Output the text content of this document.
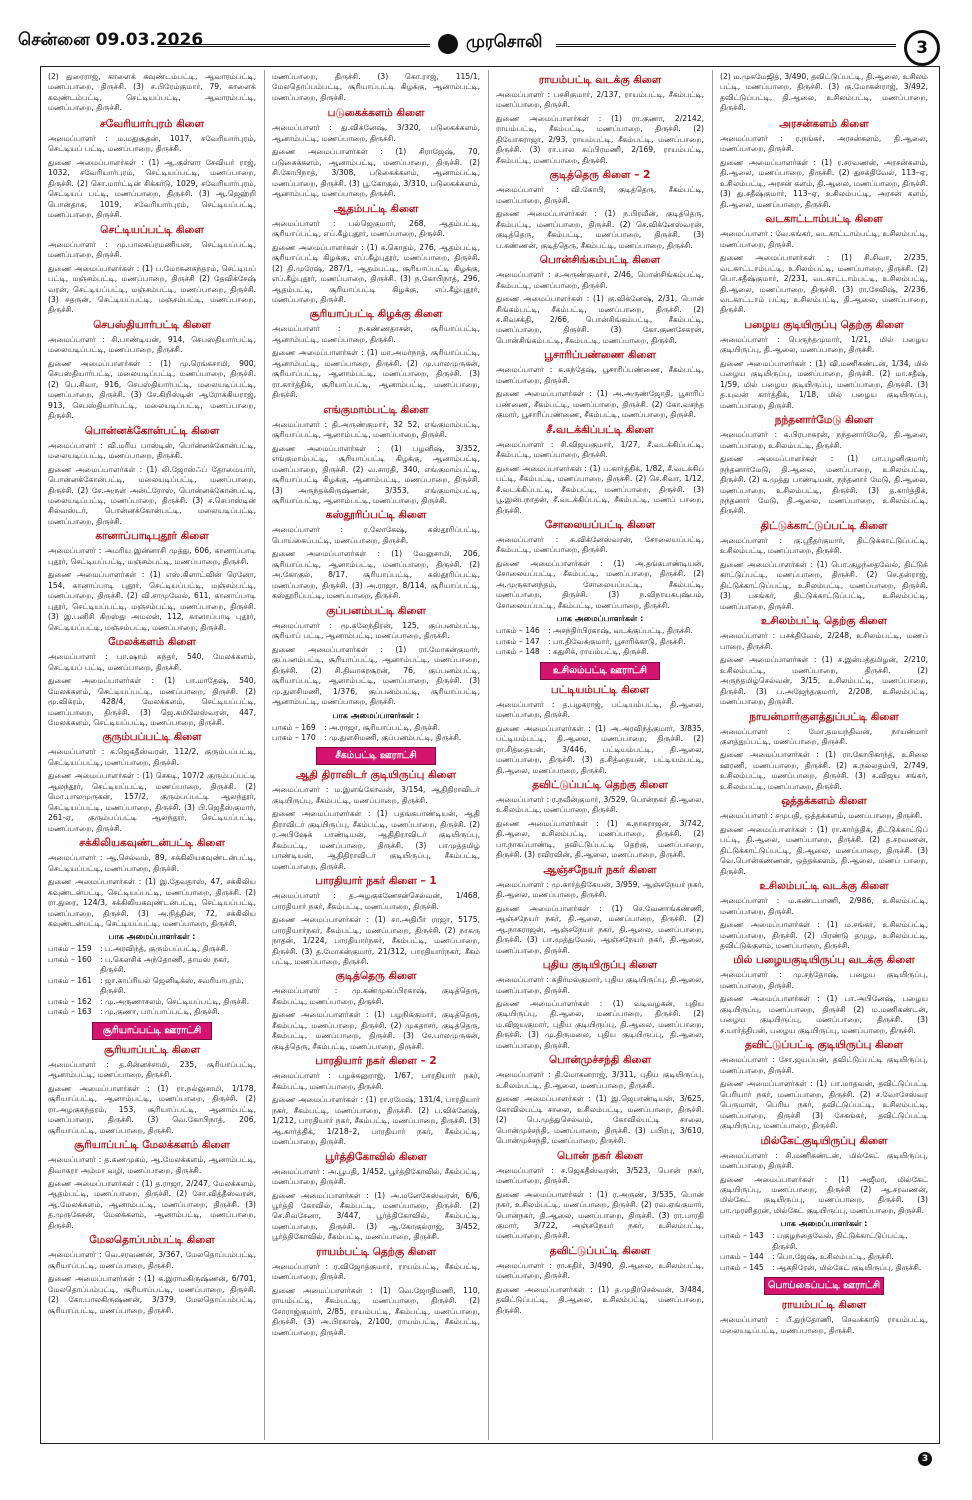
சென்னை 09.03.2026	முரசொலி	3

(2) துரைராஜ், காளைக் கவுண்டம்பட்டி, ஆவாரம்பட்டி, மணப்பாறை, திருச்சி. (3) ச.பிரேம்குமார், 79, காளைக் கவுண்டம்பட்டி, செட்டியப்பட்டி, ஆவாரம்பட்டி, மணப்பாறை, திருச்சி.

சவேரியார்புரம் கிளை

அமைப்பாளர் : ம.மதுசூதன், 1017, சவேரியார்புரம், செட்டியப் பட்டி, மணப்பாறை, திருச்சி.

துணை அமைப்பாளர்கள் : (1) ஆ.குள்ளா சேவியர் ராஜ், 1032, சவேரியார்புரம், செட்டியப்பட்டி, மணப்பாறை, திருச்சி. (2) சொ.மார்ட்டின் சிக்கர்டு, 1029, சவேரியார்புரம், செட்டியப் பட்டி, மணப்பாறை, திருச்சி. (3) ஆ.ஜெஹ்றி பொன்தாசு, 1019, சவேரியார்புரம், செட்டியப்பட்டி, மணப்பாறை, திருச்சி.

செட்டியப்பட்டி கிளை

அமைப்பாளர் : மு.பாலசுப்ரமணியன், செட்டியப்பட்டி, மணப்பாறை, திருச்சி.

துணை அமைப்பாளர்கள் : (1) ப.மோகனசுந்தரம், செட்டியப் பட்டி, மஞ்சம்பட்டி, மணப்பாறை, திருச்சி (2) தேவிக்சேஷ் வரன், செட்டியப்பட்டி, மஞ்சம்பட்டி, மணப்பாறை, திருச்சி. (3) சதருன், செட்டியப்பட்டி, மஞ்சம்பட்டி, மணப்பாறை, திருச்சி.

செபஸ்தியார்பட்டி கிளை

அமைப்பாளர் : சி.பாண்டியன், 914, செபஸ்தியார்பட்டி, மலையடிப்பட்டி, மணப்பாறை, திருச்சி.

துணை அமைப்பாளர்கள் : (1) மு.ரெங்கசாமி, 900, செபஸ்தியார்பட்டி, மலையடிப்பட்டி, மணப்பாறை, திருச்சி. (2) பெ.சிவா, 916, செபஸ்தியார்பட்டி, மலையடிப்பட்டி, மணப்பாறை, திருச்சி. (3) சே.கிறிஸ்டின் ஆரோக்கியராஜ், 913, செபஸ்தியார்பட்டி, மலையடிப்பட்டி, மணப்பாறை, திருச்சி.

பொன்னக்கோன்பட்டி கிளை

அமைப்பாளர் : வி.மரிய பாஸ்டின், பொன்னக்கோன்பட்டி, மலையடிப்பட்டி, மணப்பாறை, திருச்சி.

துணை அமைப்பாளர்கள் : (1) லி.ஜோஸ்ஃப் தோமையார், பொன்னக்கோன்பட்டி, மலையடிப்பட்டி, மணப்பாறை, திருச்சி. (2) சே.அருள் அன்ட்ரோஸ், பொன்னக்கோன்பட்டி, மலையடிப்பட்டி, மணப்பாறை, திருச்சி. (3) ச.செபாஸ்டின் சில்வஸ்டர், பொன்னக்கோன்பட்டி, மலையடிப்பட்டி, மணப்பாறை, திருச்சி.

கானாப்பாடிபுதூர் கிளை

அமைப்பாளர் : அமரிய இன்னாசி முத்து, 606, கானாப்பாடி புதூர், செட்டியப்பட்டி, மஞ்சம்பட்டி, மணப்பாறை, திருச்சி.

துணை அமைப்பாளர்கள் : (1) எஸ்.கிளாட்வின் ரெனோ, 154, கானாப்பாடி புதூர், செட்டியப்பட்டி, மஞ்சம்பட்டி, மணப்பாறை, திருச்சி. (2) வி.சாமுவேல், 611, கானாப்பாடி புதூர், செட்டியப்பட்டி, மஞ்சம்பட்டி, மணப்பாறை, திருச்சி. (3) இ.பனிசி கிறஸ்து அமலன், 112, கானாப்பாடி புதூர், செட்டியப்பட்டி, மஞ்சம்பட்டி, மணப்பாறை, திருச்சி.

மேலக்களம் கிளை

அமைப்பாளர் : பா.ஷாம் சுந்தர், 540, மேலக்களம், செட்டியப் பட்டி, மணப்பாறை, திருச்சி.

துணை அமைப்பாளர்கள் : (1) பா.மாதேஷ், 540, மேலக்களம், செட்டியப்பட்டி, மணப்பாறை, திருச்சி. (2) மூ.விக்ரம், 428/4, மேலக்களம், செட்டியப்பட்டி, மணப்பாறை, திருச்சி. (3) ஜெ.கமிலேஸ்வரன், 447, மேலக்களம், செட்டியப்பட்டி, மணப்பாறை, திருச்சி.

குரும்பப்பட்டி கிளை

அமைப்பாளர் : க.ஜெகதீஸ்வரன், 112/2, குரும்பப்பட்டி, செட்டியப்பட்டி, மணப்பாறை, திருச்சி.

துணை அமைப்பாளர்கள் : (1) செசுடி, 107/2 குரும்பப்பட்டி ஆலந்தூர், செட்டியப்பட்டி, மணப்பாறை, திருச்சி. (2) மொ.பாலமுருகன், 157/2, குரும்பப்பட்டி ஆலந்தூர், செட்டியப்பட்டி, மணப்பாறை, திருச்சி. (3) பி.ஜெதீஸ்குமார், 261-ஏ, குரும்பப்பட்டி ஆலந்தூர், செட்டியப்பட்டி, மணப்பாறை, திருச்சி.

சக்கிலியகவுண்டன்பட்டி கிளை

அமைப்பாளர் : ஆ.செல்வம், 89, சக்கிலியகவுண்டன்பட்டி, செட்டியப்பட்டி, மணப்பாறை, திருச்சி.

துணை அமைப்பாளர்கள் : (1) இ.தேவதாஸ், 47, சக்கிலிய கவுண்டன்பட்டி, செட்டியப்பட்டி, மணப்பாறை, திருச்சி. (2) ரா.துரை, 124/3, சக்கிலியகவுண்டன்பட்டி, செட்டியப்பட்டி, மணப்பாறை, திருச்சி. (3) அ.நித்தின், 72, சக்கிலிய கவுண்டன்பட்டி, செட்டியப்பட்டி, மணப்பாறை, திருச்சி.

பாக அமைப்பாளர்கள் :
பாகம் – 159	: ப.அரவிந்த், குரும்பப்பட்டி, திருச்சி.
பாகம் – 160	: ப.கௌசிக் அந்தோணி, தாமஸ் நகர், திருச்சி.
பாகம் – 161	: ஜா.காப்ரியல் ஜெனிடிக்ஸ், சவரியாபுரம், திருச்சி.
பாகம் – 162	: மு.அருணாசலம், செட்டியப்பட்டி, திருச்சி.
பாகம் – 163	: மு.குணா, பாப்பாப்பட்டி, திருச்சி.
சூரியாப்பட்டி ஊராட்சி
சூரியாப்பட்டி கிளை

அமைப்பாளர் : த.சின்னச்சாமி, 235, சூரியாப்பட்டி, ஆனாம்பட்டி, மணப்பாறை, திருச்சி.

துணை அமைப்பாளர்கள் : (1) ரா.நல்லுசாமி, 1/178, சூரியாப்பட்டி, ஆனாம்பட்டி, மணப்பாறை, திருச்சி. (2) ரா.அழகுசுந்தரம், 153, சூரியாப்பட்டி, ஆனாம்பட்டி, மணப்பாறை, திருச்சி. (3) வெ.கோபிநாத், 206, சூரியாப்பட்டி, மணப்பாறை, திருச்சி.

சூரியாப்பட்டி மேலக்களம் கிளை

அமைப்பாளர் : த.கணமுகம், ஆ.மேலக்களம், ஆனாம்பட்டி, திவாகரா அம்மா வழி, மணப்பாறை, திருச்சி.

துணை அமைப்பாளர்கள் : (1) த.ராஜா, 2/247, மேலக்களம், ஆதம்பட்டி, மணப்பாறை, திருச்சி. (2) சோ.வித்தீஸ்வரன், ஆ.மேலக்களம், ஆனாம்பட்டி, மணப்பாறை, திருச்சி. (3) த.முருகேசன், மேலக்களம், ஆனாம்பட்டி, மணப்பாறை, திருச்சி.

மேலதொப்பம்பட்டி கிளை

அமைப்பாளர் : வெ.சரவணன், 3/367, மேலதொப்பம்பட்டி, சூரியாப்பட்டி, மணப்பாறை, திருச்சி.

துணை அமைப்பாளர்கள் : (1) க.இராமகிருஷ்ணன், 6/701, மேலதொப்பம்பட்டி, சூரியாப்பட்டி, மணப்பாறை, திருச்சி. (2) கோ.பாலகிருஷ்ணன், 3/379, மேலதொப்பம்பட்டி, சூரியாப்பட்டி, மணப்பாறை, திருச்சி.

மணப்பாறை, திருச்சி. (3) கொ.ராஜ், 115/1, மேலதொப்பம்பட்டி, சூரியாப்பட்டி கிழக்கு, ஆனாம்பட்டி, மணப்பாறை, திருச்சி.

படுகைக்களம் கிளை

அமைப்பாளர் : து.விக்னேஷ், 3/320, படுகைக்களம், ஆனாம்பட்டி, மணப்பாறை, திருச்சி.

துணை அமைப்பாளர்கள் : (1) சிராஜேஷ், 70, படுகைக்களம், ஆனாம்பட்டி, மணப்பாறை, திருச்சி. (2) சி.கோபிநாத், 3/308, படுகைக்களம், ஆனாம்பட்டி, மணப்பாறை, திருச்சி. (3) பூ.கோகுல், 3/310, படுகைக்களம், ஆனாம்பட்டி, மணப்பாறை, திருச்சி.

ஆதம்பட்டி கிளை

அமைப்பாளர் : பல்ஜெகுமார், 268, ஆதம்பட்டி, சூரியாப்பட்டி, எப்.கீழ்புதூர், மணப்பாறை, திருச்சி.

துணை அமைப்பாளர்கள் : (1) க.கொதம், 276, ஆதம்பட்டி, சூரியாப்பட்டி கிழக்கு, எப்.கீழ்புதூர், மணப்பாறை, திருச்சி. (2) தி.முரேஷ், 287/1, ஆதம்பட்டி, சூரியாப்பட்டி கிழக்கு, எப்.கீழ்புதூர், மணப்பாறை, திருச்சி. (3) ந.கோபிநாத், 296, ஆதம்பட்டி, சூரியாப்பட்டி கிழக்கு, எப்.கீழ்புதூர், மணப்பாறை, திருச்சி.

சூரியாப்பட்டி கிழக்கு கிளை

அமைப்பாளர் : ந.கண்ணதாசன், சூரியாப்பட்டி, ஆனாம்பட்டி, மணப்பாறை, திருச்சி.

துணை அமைப்பாளர்கள் : (1) மா.அமர்நாத், சூரியாப்பட்டி, ஆனாம்பட்டி, மணப்பாறை, திருச்சி. (2) மு.பாலமுருகன், சூரியாப்பட்டி, ஆனாம்பட்டி, மணப்பாறை, திருச்சி. (3) ரா.கார்த்திக், சூரியாப்பட்டி, ஆனாம்பட்டி, மணப்பாறை, திருச்சி.

எங்குமாம்பட்டி கிளை

அமைப்பாளர் : தி.அருண்குமார், 32 52, எங்குமாம்பட்டி, சூரியாப்பட்டி, ஆனாம்பட்டி, மணப்பாறை, திருச்சி.

துணை அமைப்பாளர்கள் : (1) பழனிஷ், 3/352, எங்குமாம்பட்டி, சூரியாப்பட்டி கிழக்கு, ஆனாம்பட்டி, மணப்பாறை, திருச்சி. (2) வ.சாரதி, 340, எங்குமாம்பட்டி, சூரியாப்பட்டி கிழக்கு, ஆனாம்பட்டி, மணப்பாறை, திருச்சி. (3) அருந்தக்கிருஷ்ணன், 3/353, எங்குமாம்பட்டி, சூரியாப்பட்டி, ஆனாம்பட்டி, மணப்பாறை, திருச்சி.

கஸ்தூரிப்பட்டி கிளை

அமைப்பாளர் : ர.லோகேஷ், கஸ்தூரிப்பட்டி, பொய்கைப்பட்டி, மணப்பாறை, திருச்சி.

துணை அமைப்பாளர்கள் : (1) வேலுசாமி, 206, சூரியாப்பட்டி, ஆனாம்பட்டி, மணப்பாறை, திருச்சி. (2) அ.கோகுல், 8/17, சூரியாப்பட்டி, கஸ்தூரிப்பட்டி, மணப்பாறை, திருச்சி. (3) அ.ராஜா, 8/114, சூரியாப்பட்டி, கஸ்தூரிப்பட்டி, மணப்பாறை, திருச்சி.

குப்பனம்பட்டி கிளை

அமைப்பாளர் : மூ.கலேந்திரன், 125, குப்பனம்பட்டி, சூரியாப் பட்டி, ஆனாம்பட்டி, மணப்பாறை, திருச்சி.

துணை அமைப்பாளர்கள் : (1) ரா.மோகன்குமார், குப்பனம்பட்டி, சூரியாப்பட்டி, ஆனாம்பட்டி, மணப்பாறை, திருச்சி. (2) சி.திவாகரசூரன், 76, குப்பனம்பட்டி, சூரியாப்பட்டி, ஆனாம்பட்டி, மணப்பாறை, திருச்சி. (3) மு.துளசிமணி, 1/376, குப்பனம்பட்டி, சூரியாப்பட்டி, ஆனாம்பட்டி, மணப்பாறை, திருச்சி.

பாக அமைப்பாளர்கள் :
பாகம் – 169	: அ.ராஜா, சூரியாப்பட்டி, திருச்சி.
பாகம் – 170	: மு.துளசிமணி, குப்பனம்பட்டி, திருச்சி.
சீகம்பட்டி ஊராட்சி
ஆதி திராவிடர் குடியிருப்பு கிளை

அமைப்பாளர் : ம.இளங்கோவன், 3/154, ஆதிதிராவிடர் குடியிருப்பு, சீகம்பட்டி, மணப்பாறை, திருச்சி.

துணை அமைப்பாளர்கள் : (1) பதங்கபாண்டியன், ஆதி திராவிடர் குடியிருப்பு, சீகம்பட்டி, மணப்பாறை, திருச்சி. (2) ர.அபிஷேக் பாண்டியன், ஆதிதிராவிடர் குடியிருப்பு, சீகம்பட்டி, மணப்பாறை, திருச்சி. (3) பாமுத்தமிழ் பாண்டியன், ஆதிதிராவிடர் குடியிருப்பு, சீகம்பட்டி, மணப்பாறை, திருச்சி.

பாரதியார் நகர் கிளை – 1

அமைப்பாளர் : த.அழகுகணேசன்செல்வன், 1/468, பாரதியார் நகர், சீகம்பட்டி, மணப்பாறை, திருச்சி.

துணை அமைப்பாளர்கள் : (1) சா.அதிபீர் ராஜா, 5175, பாரதியார்நகர், சீகம்பட்டி, மணப்பாறை, திருச்சி. (2) நாகரு நாதன், 1/224, பாரதியார்நகர், சீகம்பட்டி, மணப்பாறை, திருச்சி. (3) த.மோகன்குமார், 21/312, பாரதியார்நகர், சீகம் பட்டி, மணப்பாறை, திருச்சி.

குடித்தெரு கிளை

அமைப்பாளர் : மு.கண்முகப்பிரகாஷ், குடித்தெரு, சீகம்பட்டி, மணப்பாறை, திருச்சி.

துணை அமைப்பாளர்கள் : (1) பழநிக்குமார், குடித்தெரு, சீகம்பட்டி, மணப்பாறை, திருச்சி. (2) முகதாசர், குடித்தெரு, சீகம்பட்டி, மணப்பாறை, திருச்சி. (3) சே.பாலமுருகன், குடித்தெரு, சீகம்பட்டி, மணப்பாறை, திருச்சி.

பாரதியார் நகர் கிளை – 2

அமைப்பாளர் : பழக்கனுராஜ், 1/67, பாரதியார் நகர், சீகம்பட்டி, மணப்பாறை, திருச்சி.

துணை அமைப்பாளர்கள் : (1) ரா.ரமேஷ், 131/4, பாரதியார் நகர், சீகம்பட்டி, மணப்பாறை, திருச்சி. (2) ப.விக்னேஷ், 1/212, பாரதியார் நகர், சீகம்பட்டி, மணப்பாறை, திருச்சி. (3) ஆ.கார்த்திக், 1/218–2, பாரதியார் நகர், சீகம்பட்டி, மணப்பாறை, திருச்சி.

பூர்த்திகோவில் கிளை

அமைப்பாளர் : அ.பூபதி, 1/452, பூர்த்திகோவில், சீகம்பட்டி, மணப்பாறை, திருச்சி.

துணை அமைப்பாளர்கள் : (1) அ.மனேகேஸ்வரன், 6/6, பூர்த்தி கோவில், சீகம்பட்டி, மணப்பாறை, திருச்சி. (2) செ.சிவசேனா, 3/447, பூர்த்திகோவில், சீகம்பட்டி, மணப்பாறை, திருச்சி. (3) ஆ.கோகுல்ராஜ், 3/452, பூர்த்திகோவில், சீகம்பட்டி, மணப்பாறை, திருச்சி.

ராயம்பட்டி தெற்கு கிளை

அமைப்பாளர் : ர.விஜோத்குமார், ராயம்பட்டி, சீகம்பட்டி, மணப்பாறை, திருச்சி.

துணை அமைப்பாளர்கள் : (1) வெ.ஜோதிமணி, 110, ராயம்பட்டி, சீகம்பட்டி, மணப்பாறை, திருச்சி. (2) சோராஜ்குமார், 2/85, ராயம்பட்டி, சீகம்பட்டி, மணப்பாறை, திருச்சி. (3) அ.பிரகாஷ், 2/100, ராயம்பட்டி, சீகம்பட்டி, மணப்பாறை, திருச்சி.

ராயம்பட்டி வடக்கு கிளை

அமைப்பாளர் : பசசிகுமார், 2/137, ராயம்பட்டி, சீகம்பட்டி, மணப்பாறை, திருச்சி.

துணை அமைப்பாளர்கள் : (1) ரா.குணா, 2/2142, ராயம்பட்டி, சீகம்பட்டி, மணப்பாறை, திருச்சி. (2) தியோகராஜா, 2/93, ராயம்பட்டி, சீகம்பட்டி, மணப்பாறை, திருச்சி. (3) ரா.பால சுப்பிரமணி, 2/169, ராயம்பட்டி, சீகம்பட்டி, மணப்பாறை, திருச்சி.

குடித்தெரு கிளை – 2

அமைப்பாளர் : வி.கோபி, குடித்தெரு, சீகம்பட்டி, மணப்பாறை, திருச்சி.

துணை அமைப்பாளர்கள் : (1) ந.பிரவீன், குடித்தெரு, சீகம்பட்டி, மணப்பாறை, திருச்சி. (2) செ.விக்னேஸ்வரன், குடித்தெரு, சீகம்பட்டி, மணப்பாறை, திருச்சி. (3) ப.கண்ணன், குடித்தெரு, சீகம்பட்டி, மணப்பாறை, திருச்சி.

பொன்சிங்கம்பட்டி கிளை

அமைப்பாளர் : ச.அருண்குமார், 2/46, பொன்சிங்கம்பட்டி, சீகம்பட்டி, மணப்பாறை, திருச்சி.

துணை அமைப்பாளர்கள் : (1) கு.விக்னேஷ், 2/31, பொன் சிங்கம்பட்டி, சீகம்பட்டி, மணப்பாறை, திருச்சி. (2) ச.சிவசக்தி, 2/66, பொன்சிங்கம்பட்டி, சீகம்பட்டி, மணப்பாறை, திருச்சி. (3) கோ.குணசேகரன், பொன்சிங்கம்பட்டி, சீகம்பட்டி, மணப்பாறை, திருச்சி.

பூசாரிப்பண்ணை கிளை

அமைப்பாளர் : க.சுந்தேஷ், பூசாரிப்பண்ணை, சீகம்பட்டி, மணப்பாறை, திருச்சி.

துணை அமைப்பாளர்கள் : (1) அ.அருண்ஜோதி, பூசாரிப் பண்ணை, சீகம்பட்டி, மணப்பாறை, திருச்சி. (2) கோ.வசந்த குமார், பூசாரிப்பண்ணை, சீகம்பட்டி, மணப்பாறை, திருச்சி.

சீ.வடக்கிப்பட்டி கிளை

அமைப்பாளர் : சி.விஜயகுமார், 1/27, சீ.வடக்கிப்பட்டி, சீகம்பட்டி, மணப்பாறை, திருச்சி.

துணை அமைப்பாளர்கள் : (1) ப.கார்த்திக், 1/82, சீ.வடக்கிப் பட்டி, சீகம்பட்டி, மணப்பாறை, திருச்சி. (2) செ.சிவா, 1/12, சீ.வடக்கிப்பட்டி, சீகம்பட்டி, மணப்பாறை, திருச்சி. (3) பூ.இன்பநாதன், சீ.வடக்கிப்பட்டி, சீகம்பட்டி, மணப் பாறை, திருச்சி.

சோலையப்பட்டி கிளை

அமைப்பாளர் : க.விக்னேஸ்வரன், சோலையப்பட்டி, சீகம்பட்டி, மணப்பாறை, திருச்சி.

துணை அமைப்பாளர்கள் : (1) அ.தங்கபாண்டியன், சோலையப்பட்டி, சீகம்பட்டி, மணப்பாறை, திருச்சி. (2) அ.முருகானந்தம், சோலையப்பட்டி, சீகம்பட்டி, மணப்பாறை, திருச்சி. (3) ந.விநாயகபுஷ்பம், சோலையப்பட்டி, சீகம்பட்டி, மணப்பாறை, திருச்சி.

பாக அமைப்பாளர்கள் :
பாகம் – 146	: அசந்திர்பிரகாஷ், வடக்குப்பட்டி, திருச்சி.
பாகம் – 147	: பா.திவேக்குமார், பூசாரிக்காடு, திருச்சி.
பாகம் – 148	: கதுசிக், ராயம்பட்டி, திருச்சி.
உசிலம்பட்டி ஊராட்சி
பட்டியம்பட்டி கிளை

அமைப்பாளர் : த.பழகராஜ், பட்டியம்பட்டி, தி.ஆலை, மணப்பாறை, திருச்சி.

துணை அமைப்பாளர்கள் : (1) அ.அரவிந்த்குமார், 3/835, பட்டியம்பட்டி, தி.ஆலை, மணப்பாறை, திருச்சி. (2) ரா.சித்தையன், 3/446, பட்டியம்பட்டி, தி.ஆலை, மணப்பாறை, திருச்சி. (3) த.சித்தையன், பட்டியம்பட்டி, தி.ஆலை, மணப்பாறை, திருச்சி.

தவிட்டுப்பட்டி தெற்கு கிளை

அமைப்பாளர் : ர.நவீன்குமார், 3/529, பொன்நகர் தி.ஆலை, உசிலம்பட்டி, மணப்பாறை, திருச்சி.

துணை அமைப்பாளர்கள் : (1) க.நாகராஜன், 3/742, தி.ஆலை, உசிலம்பட்டி, மணப்பாறை, திருச்சி. (2) பா.நாகப்பாண்டி, தவிட்டுப்பட்டி தெற்கு, மணப்பாறை, திருச்சி. (3) ரவிரவின், தி.ஆலை, மணப்பாறை, திருச்சி.

ஆஞ்சநேயர் நகர் கிளை

அமைப்பாளர் : மு.கார்த்திகேயன், 3/959, ஆஞ்சநேயர் நகர், தி.ஆலை, மணப்பாறை, திருச்சி.

துணை அமைப்பாளர்கள் : (1) செ.வேனாங்கண்ணி, ஆஞ்சநேயர் நகர், தி.ஆலை, மணப்பாறை, திருச்சி. (2) ஆ.நாகராஜன், ஆஞ்சநேயர் நகர், தி.ஆலை, மணப்பாறை, திருச்சி. (3) பா.முத்துவேல், ஆஞ்சநேயர் நகர், தி.ஆலை, மணப்பாறை, திருச்சி.

புதிய குடியிருப்பு கிளை

அமைப்பாளர் : சுதிர்மல்குமார், புதிய குடியிருப்பு, தி.ஆலை, மணப்பாறை, திருச்சி.

துணை அமைப்பாளர்கள் : (1) வடிவழகன், புதிய குடியிருப்பு, தி.ஆலை, மணப்பாறை, திருச்சி. (2) ம.விஜயகுமார், புதிய குடியிருப்பு, தி.ஆலை, மணப்பாறை, திருச்சி. (3) மு.திருமலை, புதிய குடியிருப்பு, தி.ஆலை, மணப்பாறை, திருச்சி.

பொன்முச்சந்தி கிளை

அமைப்பாளர் : தி.மோகனராஜ், 3/311, புதிய குடியிருப்பு, உசிலம்பட்டி, தி.ஆலை, மணப்பாறை, திருச்சி.

துணை அமைப்பாளர்கள் : (1) இ.ஜெபாண்டியன், 3/625, கோவில்பட்டி சாலை, உசிலம்பட்டி, மணப்பாறை, திருச்சி. (2) பெ.முத்துசெல்வம், கோவில்பட்டி சாலை, பொன்முச்சந்தி, மணப்பாறை, திருச்சி. (3) பபிரபு, 3/610, பொன்முச்சந்தி, மணப்பாறை, திருச்சி.

பொன் நகர் கிளை

அமைப்பாளர் : ச.ஜெகதீஸ்வரன், 3/523, பொன் நகர், மணப்பாறை, திருச்சி.

துணை அமைப்பாளர்கள் : (1) ர.அருண், 3/535, பொன் நகர், உசிலம்பட்டி, மணப்பாறை, திருச்சி. (2) ரவ.ஏங்குமார், பொன்நகர், தி.ஆலை, மணப்பாறை, திருச்சி. (3) ரா.பாரதி குமார், 3/722, அஞ்சநேயர் நகர், உசிலம்பட்டி, மணப்பாறை, திருச்சி.

தவிட்டுப்பட்டி கிளை

அமைப்பாளர் : ரா.சுதிர், 3/490, தி.ஆலை, உசிலம்பட்டி, மணப்பாறை, திருச்சி.

துணை அமைப்பாளர்கள் : (1) த.முதிர்செல்வன், 3/484, தவிட்டுப்பட்டி, தி.ஆலை, உசிலம்பட்டி, மணப்பாறை, திருச்சி.

(2) ம.முகமேஜித், 3/490, தவிட்டுப்பட்டி, தி.ஆலை, உசிலம் பட்டி, மணப்பாறை, திருச்சி. (3) கு.மோகன்ராஜ், 3/492, தவிட்டுப்பட்டி, தி.ஆலை, உசிலம்பட்டி, மணப்பாறை, திருச்சி.

அரசன்களம் கிளை

அமைப்பாளர் : ர.நங்கர், அரசன்களம், தி.ஆலை, மணப்பாறை, திருச்சி.

துணை அமைப்பாளர்கள் : (1) ர.சரவணன், அரசன்களம், தி.ஆலை, மணப்பாறை, திருச்சி. (2) துசக்திவேல், 113–ஏ, உசிலம்பட்டி, அரசன் களம், தி.ஆலை, மணப்பாறை, திருச்சி. (3) து.சதீஷ்குமார், 113–ஏ, உசிலம்பட்டி, அரசன் களம், தி.ஆலை, மணப்பாறை, திருச்சி.

வடகாட்டாம்பட்டி கிளை

அமைப்பாளர் : வே.கங்கர், வடகாட்டாம்பட்டி, உசிலம்பட்டி, மணப்பாறை, திருச்சி.

துணை அமைப்பாளர்கள் : (1) சி.சிவா, 2/235, வடகாட்டாம்பட்டி, உசிலம்பட்டி, மணப்பாறை, திருச்சி. (2) பொ.சதீஷ்குமார், 2/231, வடகாட்டாம்பட்டி, உசிலம்பட்டி, தி.ஆலை, மணப்பாறை, திருச்சி. (3) ரா.சேவிஷ், 2/236, வடகாட்டாம் பட்டி, உசிலம்பட்டி, தி.ஆலை, மணப்பாறை, திருச்சி.

பழைய குடியிருப்பு தெற்கு கிளை

அமைப்பாளர் : பெருந்தமுமார், 1/21, மில் பழைய குடியிருப்பு, தி.ஆலை, மணப்பாறை, திருச்சி.

துணை அமைப்பாளர்கள் : (1) வி.மணிகண்டன், 1/34, மில் பழைய குடியிருப்பு, மணப்பாறை, திருச்சி. (2) மா.சதீஷ், 1/59, மில் பழைய குடியிருப்பு, மணப்பாறை, திருச்சி. (3) த.யுவன் கார்த்திக், 1/18, மில் பழைய குடியிருப்பு, மணப்பாறை, திருச்சி.

நந்தனார்மேடு கிளை

அமைப்பாளர் : க.பிரபாகரன், நந்தனார்மேடு, தி.ஆலை, மணப்பாறை, உசிலம்பட்டி, திருச்சி.

துணை அமைப்பாளர்கள் : (1) பா.பழனிகுமார், நந்தனார்மேடு, தி.ஆலை, மணப்பாறை, உசிலம்பட்டி, திருச்சி. (2) க.முத்து பாண்டியன், நந்தனார் மேடு, தி.ஆலை, மணப்பாறை, உசிலம்பட்டி, திருச்சி. (3) த.கார்த்திக், நந்தனார் மேடு, தி.ஆலை, மணப்பாறை, உசிலம்பட்டி, திருச்சி.

திட்டுக்காட்டுப்பட்டி கிளை

அமைப்பாளர் : கு.ஸ்ரீதர்குமார், திட்டுக்காட்டுப்பட்டி, உசிலம்பட்டி, மணப்பாறை, திருச்சி.

துணை அமைப்பாளர்கள் : (1) பொ.குழந்தைவேல், திட்டுக் காட்டுப்பட்டி, மணப்பாறை, திருச்சி. (2) செ.தன்ராஜ், திட்டுக்காட்டுப்பட்டி, உசிலம்பட்டி, மணப்பாறை, திருச்சி. (3) பசங்கர், திட்டுக்காட்டுப்பட்டி, உசிலம்பட்டி, மணப்பாறை, திருச்சி.

உசிலம்பட்டி தெற்கு கிளை

அமைப்பாளர் : பசக்திவேல், 2/248, உசிலம்பட்டி, மணப் பாறை, திருச்சி.

துணை அமைப்பாளர்கள் : (1) ச.இன்பத்தமிழன், 2/210, உசிலம்பட்டி, மணப்பாறை, திருச்சி. (2) அருந்தமிழ்செல்வன், 3/15, உசிலம்பட்டி, மணப்பாறை, திருச்சி. (3) ப.அஜேந்தகுமார், 2/208, உசிலம்பட்டி, மணப்பாறை, திருச்சி.

நாயன்மார்குளத்துப்பட்டி கிளை

அமைப்பாளர் : மோ.தமயந்திவன், நாயன்மார் குளத்துப்பட்டி, மணப்பாறை, திருச்சி.

துணை அமைப்பாளர்கள் : (1) ரா.கோபிகாந்த், உசிலை ஊரணி, மணப்பாறை, திருச்சி. (2) க.நல்லதம்பி, 2/749, உசிலம்பட்டி, மணப்பாறை, திருச்சி. (3) ச.விஜய சங்கர், உசிலம்பட்டி, மணப்பாறை, திருச்சி.

ஒத்தக்களம் கிளை

அமைப்பாளர் : சமுபதி, ஒத்தக்களம், மணப்பாறை, திருச்சி.

துணை அமைப்பாளர்கள் : (1) ரா.கார்த்திக், திட்டுக்காட்டுப் பட்டி, தி.ஆலை, மணப்பாறை, திருச்சி. (2) த.சரவணன், திட்டுக்காட்டுப்பட்டி, தி.ஆலை, மணப்பாறை, திருச்சி. (3) வெ.பொன்கண்ணன், ஒத்தக்களம், தி.ஆலை, மணப் பாறை, திருச்சி.

உசிலம்பட்டி வடக்கு கிளை

அமைப்பாளர் : ம.கண்டபாணி, 2/986, உசிலம்பட்டி, மணப்பாறை, திருச்சி.

துணை அமைப்பாளர்கள் : (1) ம.சங்கர், உசிலம்பட்டி, மணப்பாறை, திருச்சி. (2) பிரண்டு தமுழ, உசிலம்பட்டி, தவிட்டுக்குளம், மணப்பாறை, திருச்சி.

மில் பழையகுடியிருப்பு வடக்கு கிளை

அமைப்பாளர் : மு.சந்தோஷ், பழைய குடியிருப்பு, மணப்பாறை, திருச்சி.

துணை அமைப்பாளர்கள் : (1) பா.அபினேஷ், பழைய குடியிருப்பு, மணப்பாறை, திருச்சி (2) ம.மணிகண்டன், பழைய குடியிருப்பு, மணப்பாறை, திருச்சி. (3) ச.யார்த்திபன், பழைய குடியிருப்பு, மணப்பாறை, திருச்சி.

தவிட்டுப்பட்டி குடியிருப்பு கிளை

அமைப்பாளர் : சோ.ஜயப்பன், தவிட்டுப்பட்டி குடியிருப்பு, மணப்பாறை, திருச்சி.

துணை அமைப்பாளர்கள் : (1) பா.மாதவன், தவிட்டுப்பட்டி பெரியார் நகர், மணப்பாறை, திருச்சி. (2) ச.வோசேஸ்வர பெருமாள், பெரிய நகர், தவிட்டுப்பட்டி, உசிலம்பட்டி, மணப்பாறை, திருச்சி (3) சேகங்கர், தவிட்டுப்பட்டி குடியிருப்பு, மணப்பாறை, திருச்சி.

மில்கேட்குடியிருப்பு கிளை

அமைப்பாளர் : சி.மணிகண்டன், மில்கேட் குடியிருப்பு, மணப்பாறை, திருச்சி.

துணை அமைப்பாளர்கள் : (1) அஜீமா, மில்கேட் குடியிருப்பு, மணப்பாறை, திருச்சி (2) ஆ.சரவணன், மில்கேட் குடியிருப்பு, மணப்பாறை, திருச்சி. (3) பா.முரளிதரன், மில்கேட் குடியிருப்பு, மணப்பாறை, திருச்சி.

பாக அமைப்பாளர்கள் :
பாகம் – 143	: பகுழந்தைவேல், திட்டுக்காட்டுப்பட்டி, திருச்சி.
பாகம் – 144	: பொ.ஜேஷ், உசிலம்பட்டி, திருச்சி.
பாகம் – 145	: ஆசுநிரேன், மில்கேட் குடியிருப்பு, திருச்சி.
பொய்கைப்பட்டி ஊராட்சி
ராயம்பட்டி கிளை

அமைப்பாளர் : பீ.துந்தோணி, செவக்காடு ராயம்பட்டி, மலையடிப்பட்டி, மணப்பாறை, திருச்சி.

3
